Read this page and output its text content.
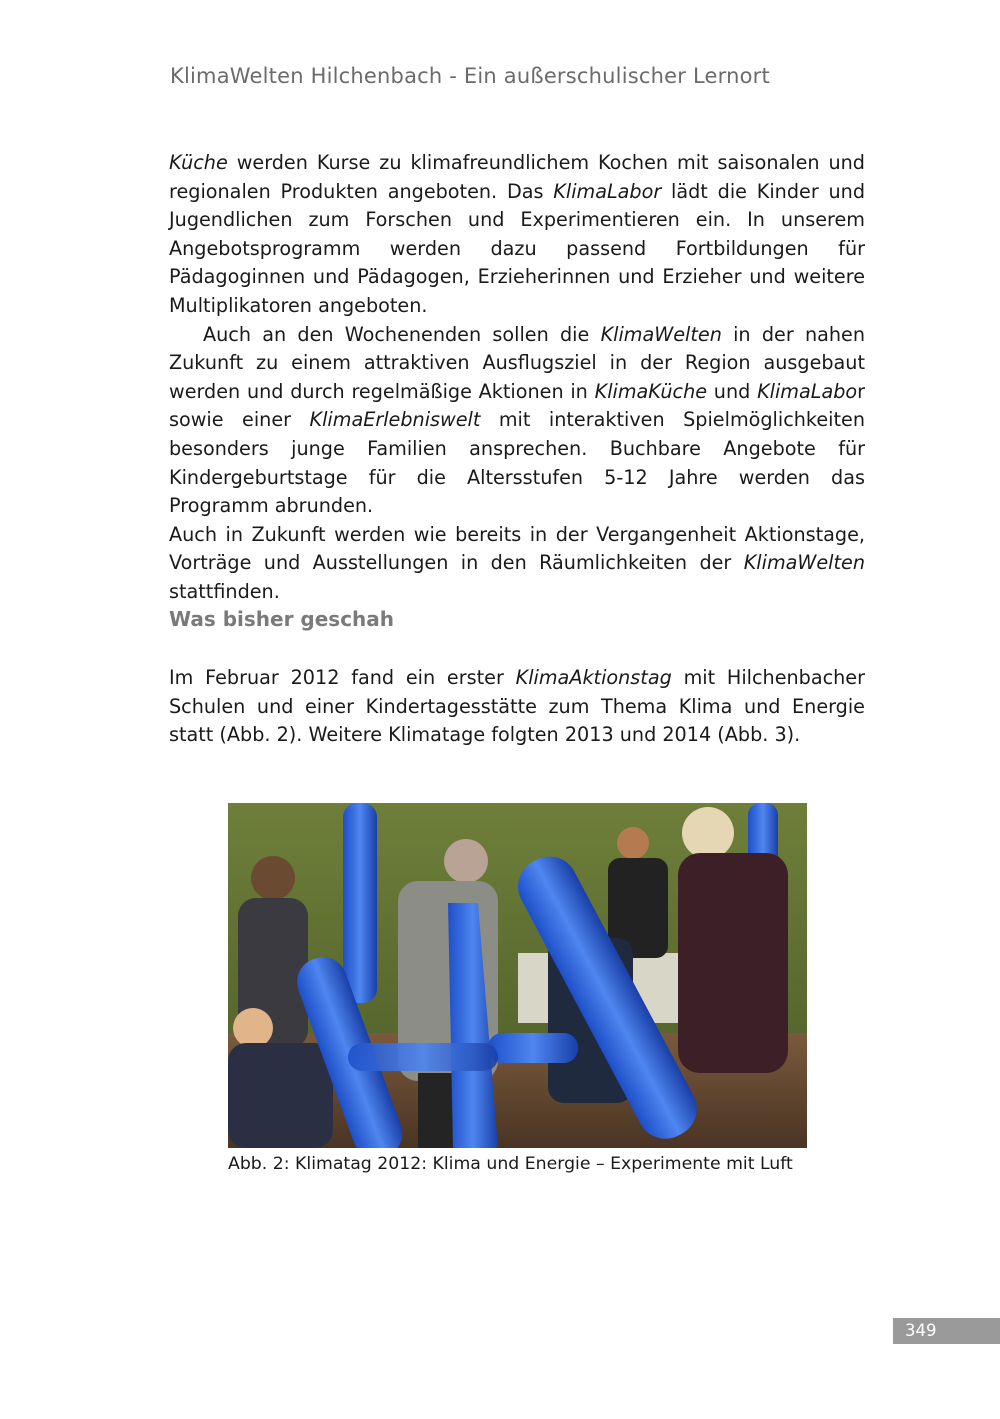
KlimaWelten Hilchenbach - Ein außerschulischer Lernort

Küche werden Kurse zu klimafreundlichem Kochen mit saisonalen und regionalen Produkten angeboten. Das KlimaLabor lädt die Kinder und Jugendlichen zum Forschen und Experimentieren ein. In unserem Angebotsprogramm werden dazu passend Fortbildungen für Pädagoginnen und Pädagogen, Erzieherinnen und Erzieher und weitere Multiplikatoren angeboten.

Auch an den Wochenenden sollen die KlimaWelten in der nahen Zukunft zu einem attraktiven Ausflugsziel in der Region ausgebaut werden und durch regelmäßige Aktionen in KlimaKüche und KlimaLabor sowie einer KlimaErlebniswelt mit interaktiven Spielmöglichkeiten besonders junge Familien ansprechen. Buchbare Angebote für Kindergeburtstage für die Altersstufen 5-12 Jahre werden das Programm abrunden.

Auch in Zukunft werden wie bereits in der Vergangenheit Aktionstage, Vorträge und Ausstellungen in den Räumlichkeiten der KlimaWelten stattfinden.

Was bisher geschah

Im Februar 2012 fand ein erster KlimaAktionstag mit Hilchenbacher Schulen und einer Kindertagesstätte zum Thema Klima und Energie statt (Abb. 2). Weitere Klimatage folgten 2013 und 2014 (Abb. 3).

Abb. 2: Klimatag 2012: Klima und Energie – Experimente mit Luft
349
